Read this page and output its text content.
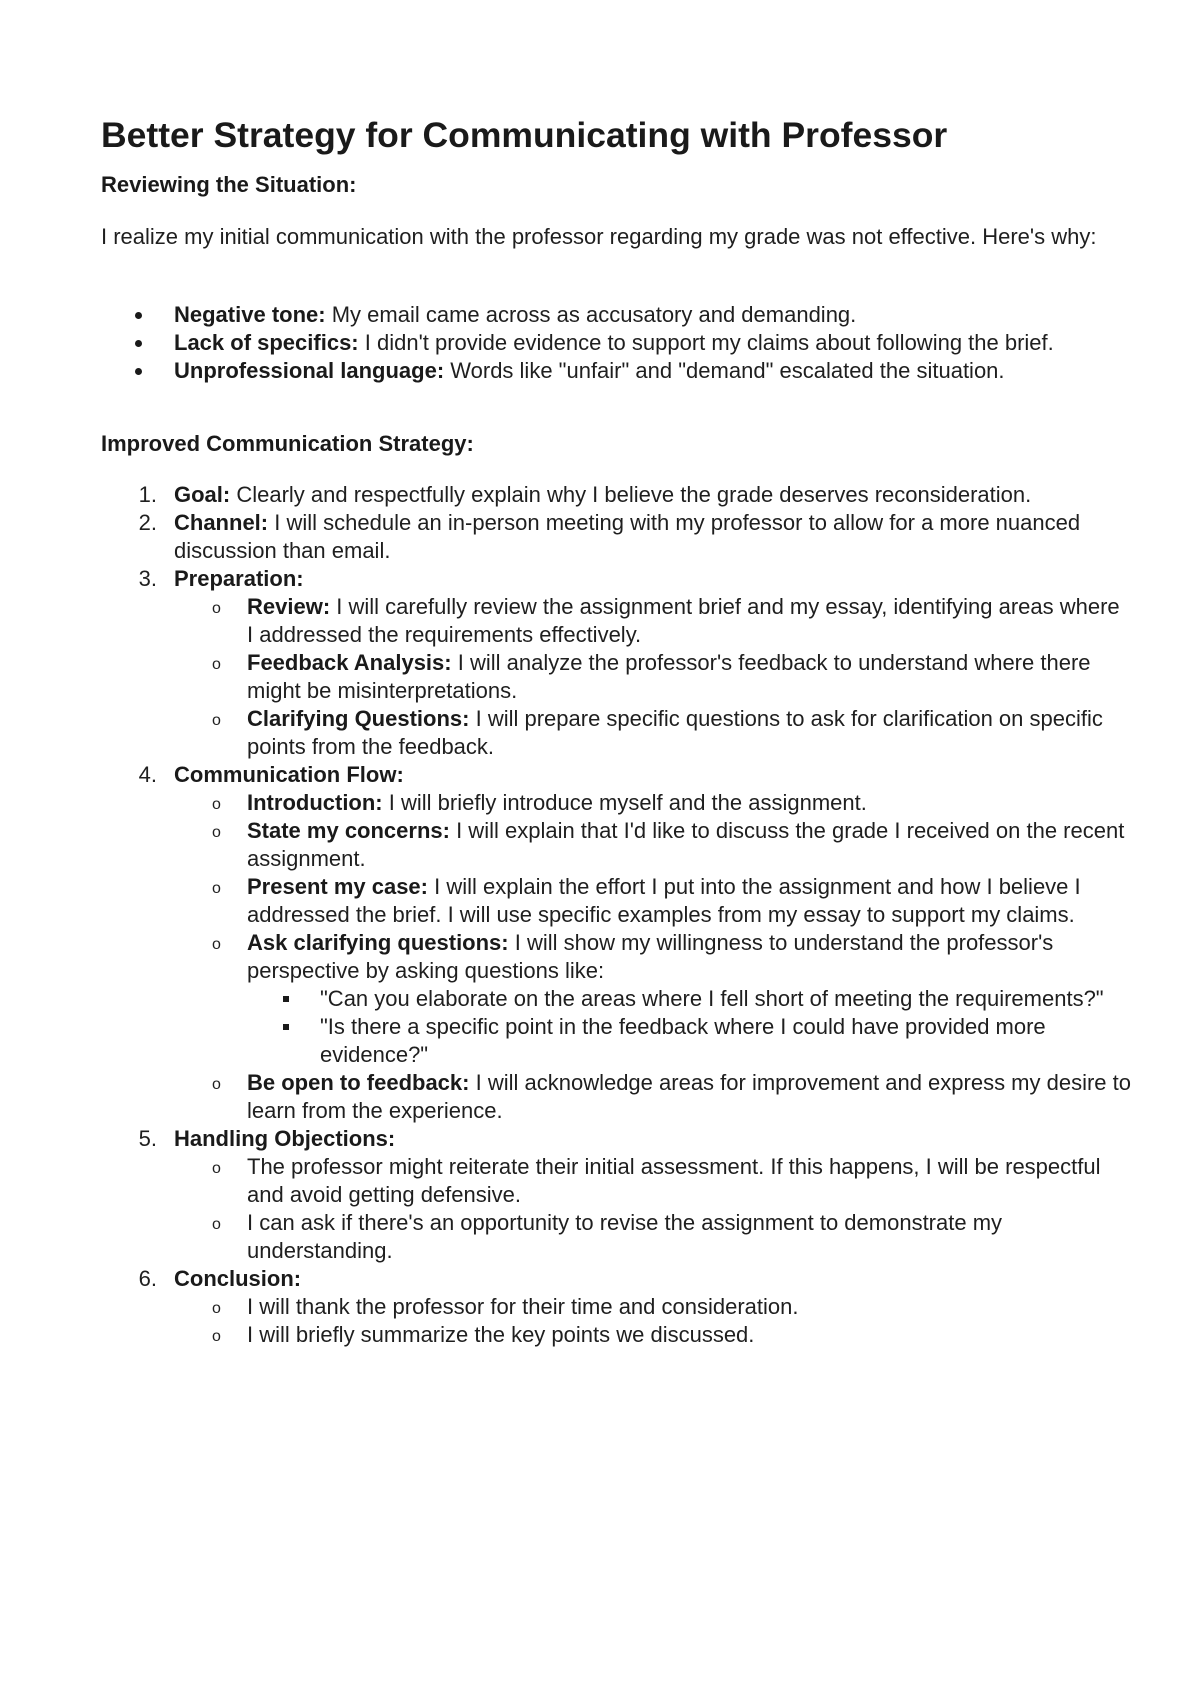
Better Strategy for Communicating with Professor

Reviewing the Situation:

I realize my initial communication with the professor regarding my grade was not effective. Here's why:

Negative tone: My email came across as accusatory and demanding.
Lack of specifics: I didn't provide evidence to support my claims about following the brief.
Unprofessional language: Words like "unfair" and "demand" escalated the situation.

Improved Communication Strategy:

1. Goal: Clearly and respectfully explain why I believe the grade deserves reconsideration.
2. Channel: I will schedule an in-person meeting with my professor to allow for a more nuanced discussion than email.
3. Preparation:
o Review: I will carefully review the assignment brief and my essay, identifying areas where I addressed the requirements effectively.
o Feedback Analysis: I will analyze the professor's feedback to understand where there might be misinterpretations.
o Clarifying Questions: I will prepare specific questions to ask for clarification on specific points from the feedback.
4. Communication Flow:
o Introduction: I will briefly introduce myself and the assignment.
o State my concerns: I will explain that I'd like to discuss the grade I received on the recent assignment.
o Present my case: I will explain the effort I put into the assignment and how I believe I addressed the brief. I will use specific examples from my essay to support my claims.
o Ask clarifying questions: I will show my willingness to understand the professor's perspective by asking questions like:
"Can you elaborate on the areas where I fell short of meeting the requirements?"
"Is there a specific point in the feedback where I could have provided more evidence?"
o Be open to feedback: I will acknowledge areas for improvement and express my desire to learn from the experience.
5. Handling Objections:
o The professor might reiterate their initial assessment. If this happens, I will be respectful and avoid getting defensive.
o I can ask if there's an opportunity to revise the assignment to demonstrate my understanding.
6. Conclusion:
o I will thank the professor for their time and consideration.
o I will briefly summarize the key points we discussed.
